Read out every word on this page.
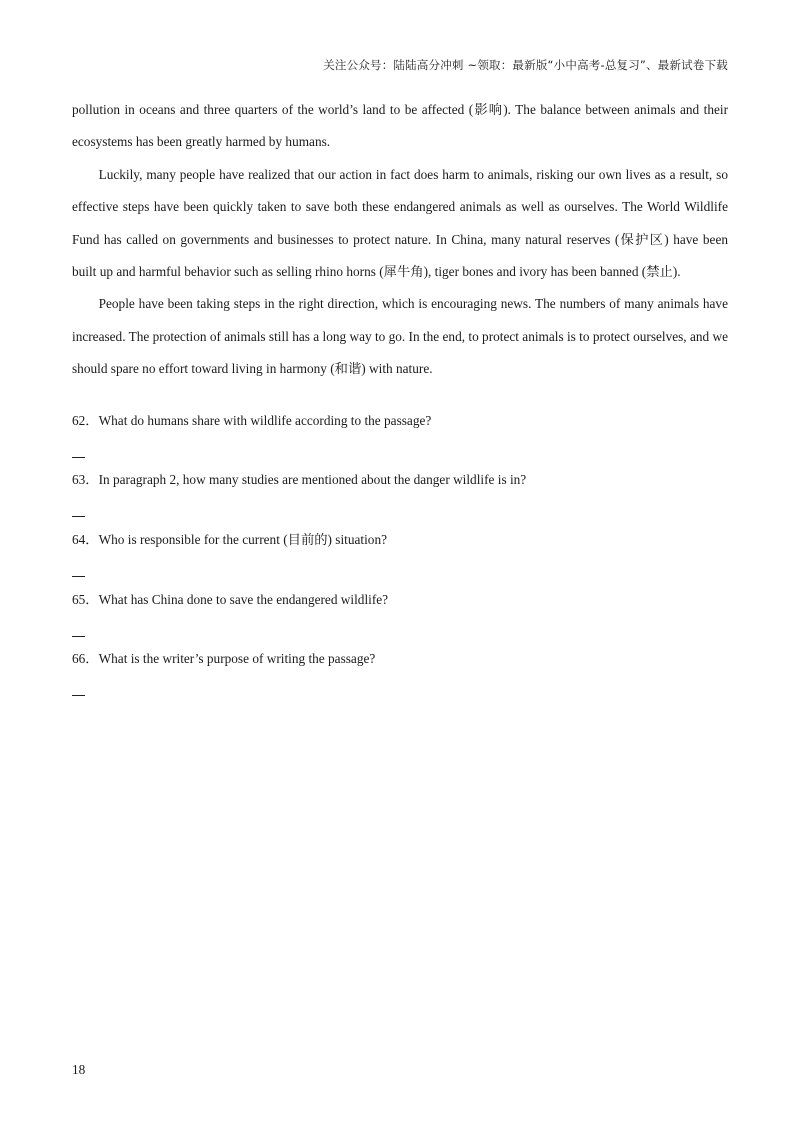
关注公众号：陆陆高分冲刺 ~领取：最新版“小中高考-总复习”、最新试卷下载

pollution in oceans and three quarters of the world’s land to be affected (影响). The balance between animals and their ecosystems has been greatly harmed by humans.

Luckily, many people have realized that our action in fact does harm to animals, risking our own lives as a result, so effective steps have been quickly taken to save both these endangered animals as well as ourselves. The World Wildlife Fund has called on governments and businesses to protect nature. In China, many natural reserves (保护区) have been built up and harmful behavior such as selling rhino horns (犀牛角), tiger bones and ivory has been banned (禁止).

People have been taking steps in the right direction, which is encouraging news. The numbers of many animals have increased. The protection of animals still has a long way to go. In the end, to protect animals is to protect ourselves, and we should spare no effort toward living in harmony (和谐) with nature.

62．What do humans share with wildlife according to the passage?
63．In paragraph 2, how many studies are mentioned about the danger wildlife is in?
64．Who is responsible for the current (目前的) situation?
65．What has China done to save the endangered wildlife?
66．What is the writer’s purpose of writing the passage?
18
